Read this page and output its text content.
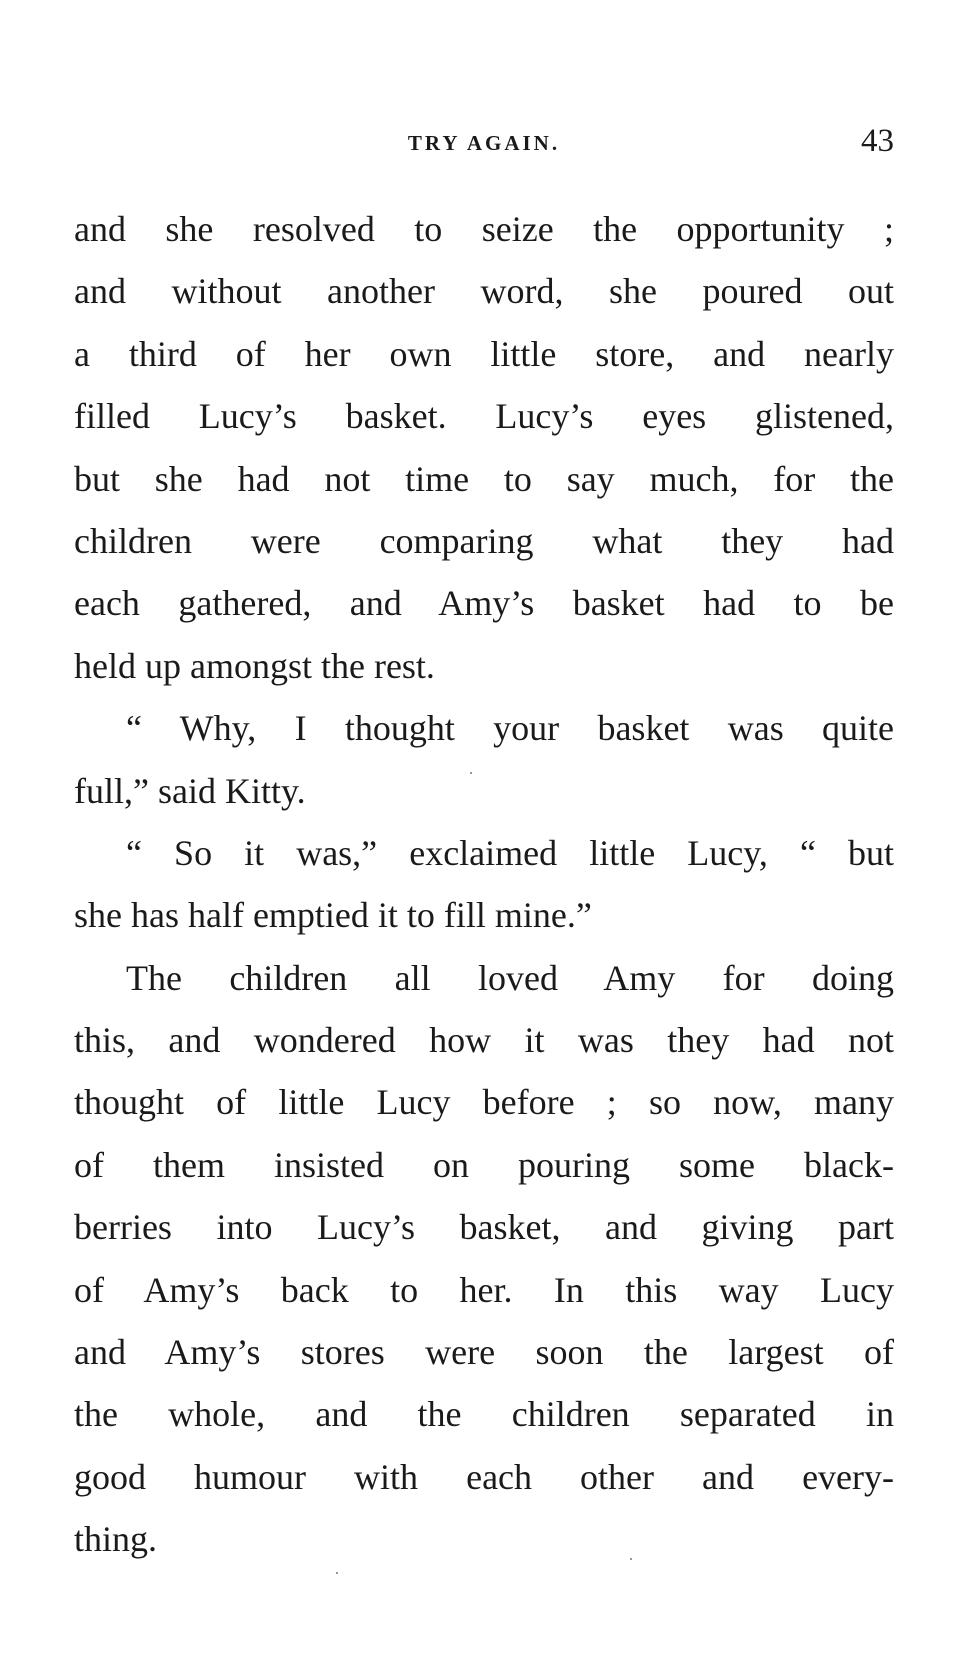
TRY AGAIN.	43
and she resolved to seize the opportunity ;
and without another word, she poured out
a third of her own little store, and nearly
filled Lucy’s basket. Lucy’s eyes glistened,
but she had not time to say much, for the
children were comparing what they had
each gathered, and Amy’s basket had to be
held up amongst the rest.
“ Why, I thought your basket was quite
full,” said Kitty.
“ So it was,” exclaimed little Lucy, “ but
she has half emptied it to fill mine.”
The children all loved Amy for doing
this, and wondered how it was they had not
thought of little Lucy before ; so now, many
of them insisted on pouring some black-
berries into Lucy’s basket, and giving part
of Amy’s back to her. In this way Lucy
and Amy’s stores were soon the largest of
the whole, and the children separated in
good humour with each other and every-
thing.
